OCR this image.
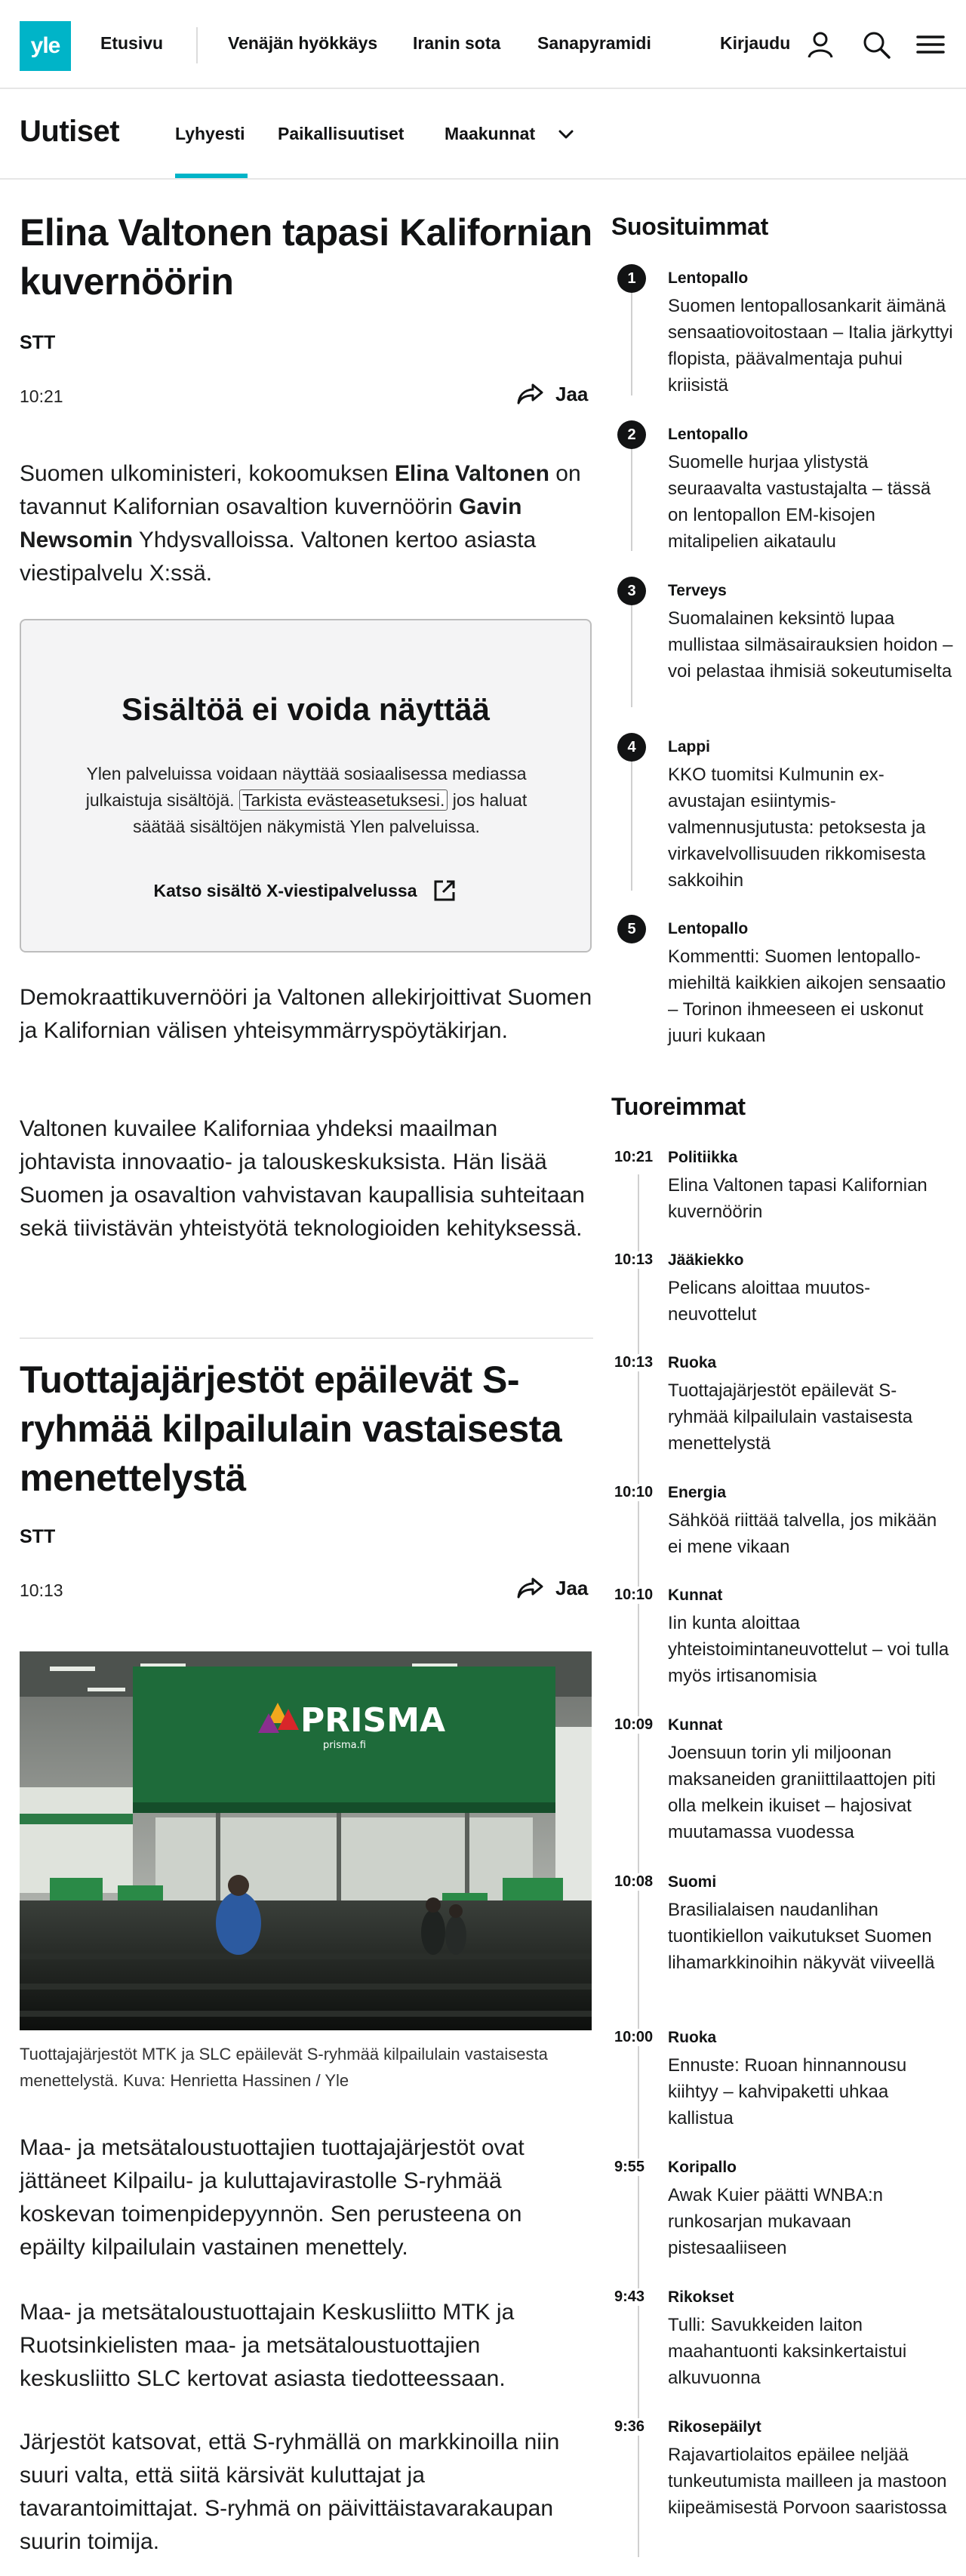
yle	Etusivu	Venäjän hyökkäys Iranin sota Sanapyramidi	Kirjaudu
Uutiset	Lyhyesti Paikallisuutiset Maakunnat
Elina Valtonen tapasi Kalifornian kuvernöörin
STT
10:21	Jaa

Suomen ulkoministeri, kokoomuksen Elina Valtonen on tavannut Kalifornian osavaltion kuvernöörin Gavin Newsomin Yhdysvalloissa. Valtonen kertoo asiasta viestipalvelu X:ssä.

Sisältöä ei voida näyttää
Ylen palveluissa voidaan näyttää sosiaalisessa mediassa julkaistuja sisältöjä. Tarkista evästeasetuksesi. jos haluat säätää sisältöjen näkymistä Ylen palveluissa.
Katso sisältö X-viestipalvelussa

Demokraattikuvernööri ja Valtonen allekirjoittivat Suomen ja Kalifornian välisen yhteisymmärryspöytäkirjan.

Valtonen kuvailee Kaliforniaa yhdeksi maailman johtavista innovaatio- ja talouskeskuksista. Hän lisää Suomen ja osavaltion vahvistavan kaupallisia suhteitaan sekä tiivistävän yhteistyötä teknologioiden kehityksessä.

Tuottajajärjestöt epäilevät S-ryhmää kilpailulain vastaisesta menettelystä
STT
10:13	Jaa
PRISMA
prisma.fi
Tuottajajärjestöt MTK ja SLC epäilevät S-ryhmää kilpailulain vastaisesta menettelystä. Kuva: Henrietta Hassinen / Yle

Maa- ja metsätaloustuottajien tuottajajärjestöt ovat jättäneet Kilpailu- ja kuluttajavirastolle S-ryhmää koskevan toimenpidepyynnön. Sen perusteena on epäilty kilpailulain vastainen menettely.

Maa- ja metsätaloustuottajain Keskusliitto MTK ja Ruotsinkielisten maa- ja metsätaloustuottajien keskusliitto SLC kertovat asiasta tiedotteessaan.

Järjestöt katsovat, että S-ryhmällä on markkinoilla niin suuri valta, että siitä kärsivät kuluttajat ja tavarantoimittajat. S-ryhmä on päivittäistavarakaupan suurin toimija.

Suosituimmat
1	Lentopallo
Suomen lentopallosankarit äimänä sensaatiovoitostaan – Italia järkyttyi flopista, päävalmentaja puhui kriisistä
2	Lentopallo
Suomelle hurjaa ylistystä seuraavalta vastustajalta – tässä on lentopallon EM-kisojen mitalipelien aikataulu
3	Terveys
Suomalainen keksintö lupaa mullistaa silmäsairauksien hoidon – voi pelastaa ihmisiä sokeutumiselta
4	Lappi
KKO tuomitsi Kulmunin ex-avustajan esiintymis-valmennusjutusta: petoksesta ja virkavelvollisuuden rikkomisesta sakkoihin
5	Lentopallo
Kommentti: Suomen lentopallo-miehiltä kaikkien aikojen sensaatio – Torinon ihmeeseen ei uskonut juuri kukaan
Tuoreimmat
10:21 Politiikka
Elina Valtonen tapasi Kalifornian kuvernöörin
10:13 Jääkiekko
Pelicans aloittaa muutos-neuvottelut
10:13 Ruoka
Tuottajajärjestöt epäilevät S-ryhmää kilpailulain vastaisesta menettelystä
10:10 Energia
Sähköä riittää talvella, jos mikään ei mene vikaan
10:10 Kunnat
Iin kunta aloittaa yhteistoimintaneuvottelut – voi tulla myös irtisanomisia
10:09 Kunnat
Joensuun torin yli miljoonan maksaneiden graniittilaattojen piti olla melkein ikuiset – hajosivat muutamassa vuodessa
10:08 Suomi
Brasilialaisen naudanlihan tuontikiellon vaikutukset Suomen lihamarkkinoihin näkyvät viiveellä
10:00 Ruoka
Ennuste: Ruoan hinnannousu kiihtyy – kahvipaketti uhkaa kallistua
9:55 Koripallo
Awak Kuier päätti WNBA:n runkosarjan mukavaan pistesaaliiseen
9:43 Rikokset
Tulli: Savukkeiden laiton maahantuonti kaksinkertaistui alkuvuonna
9:36 Rikosepäilyt
Rajavartiolaitos epäilee neljää tunkeutumista mailleen ja mastoon kiipeämisestä Porvoon saaristossa
